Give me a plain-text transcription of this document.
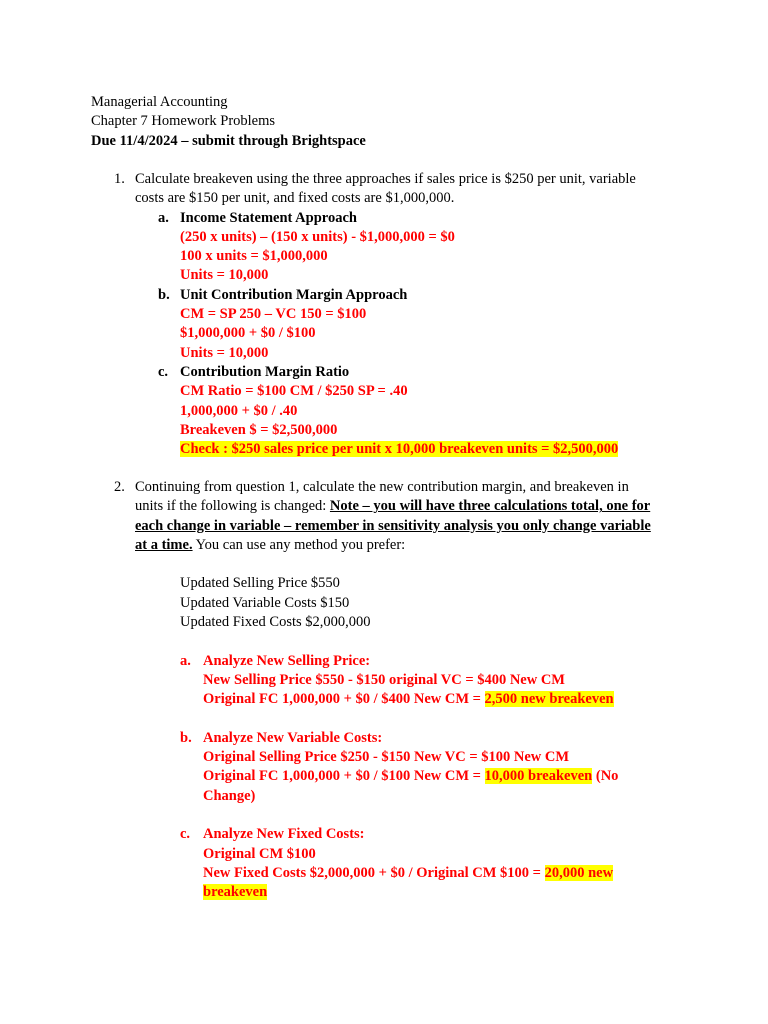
Managerial Accounting
Chapter 7 Homework Problems
Due 11/4/2024 – submit through Brightspace
1. Calculate breakeven using the three approaches if sales price is $250 per unit, variable
costs are $150 per unit, and fixed costs are $1,000,000.
a. Income Statement Approach
(250 x units) – (150 x units) - $1,000,000 = $0
100 x units = $1,000,000
Units = 10,000
b. Unit Contribution Margin Approach
CM = SP 250 – VC 150 = $100
$1,000,000 + $0 / $100
Units = 10,000
c. Contribution Margin Ratio
CM Ratio = $100 CM / $250 SP = .40
1,000,000 + $0 / .40
Breakeven $ = $2,500,000
Check : $250 sales price per unit x 10,000 breakeven units = $2,500,000
2. Continuing from question 1, calculate the new contribution margin, and breakeven in
units if the following is changed: Note – you will have three calculations total, one for
each change in variable – remember in sensitivity analysis you only change variable
at a time. You can use any method you prefer:
Updated Selling Price $550
Updated Variable Costs $150
Updated Fixed Costs $2,000,000
a. Analyze New Selling Price:
New Selling Price $550 - $150 original VC = $400 New CM
Original FC 1,000,000 + $0 / $400 New CM = 2,500 new breakeven
b. Analyze New Variable Costs:
Original Selling Price $250 - $150 New VC = $100 New CM
Original FC 1,000,000 + $0 / $100 New CM = 10,000 breakeven (No
Change)
c. Analyze New Fixed Costs:
Original CM $100
New Fixed Costs $2,000,000 + $0 / Original CM $100 = 20,000 new
breakeven
